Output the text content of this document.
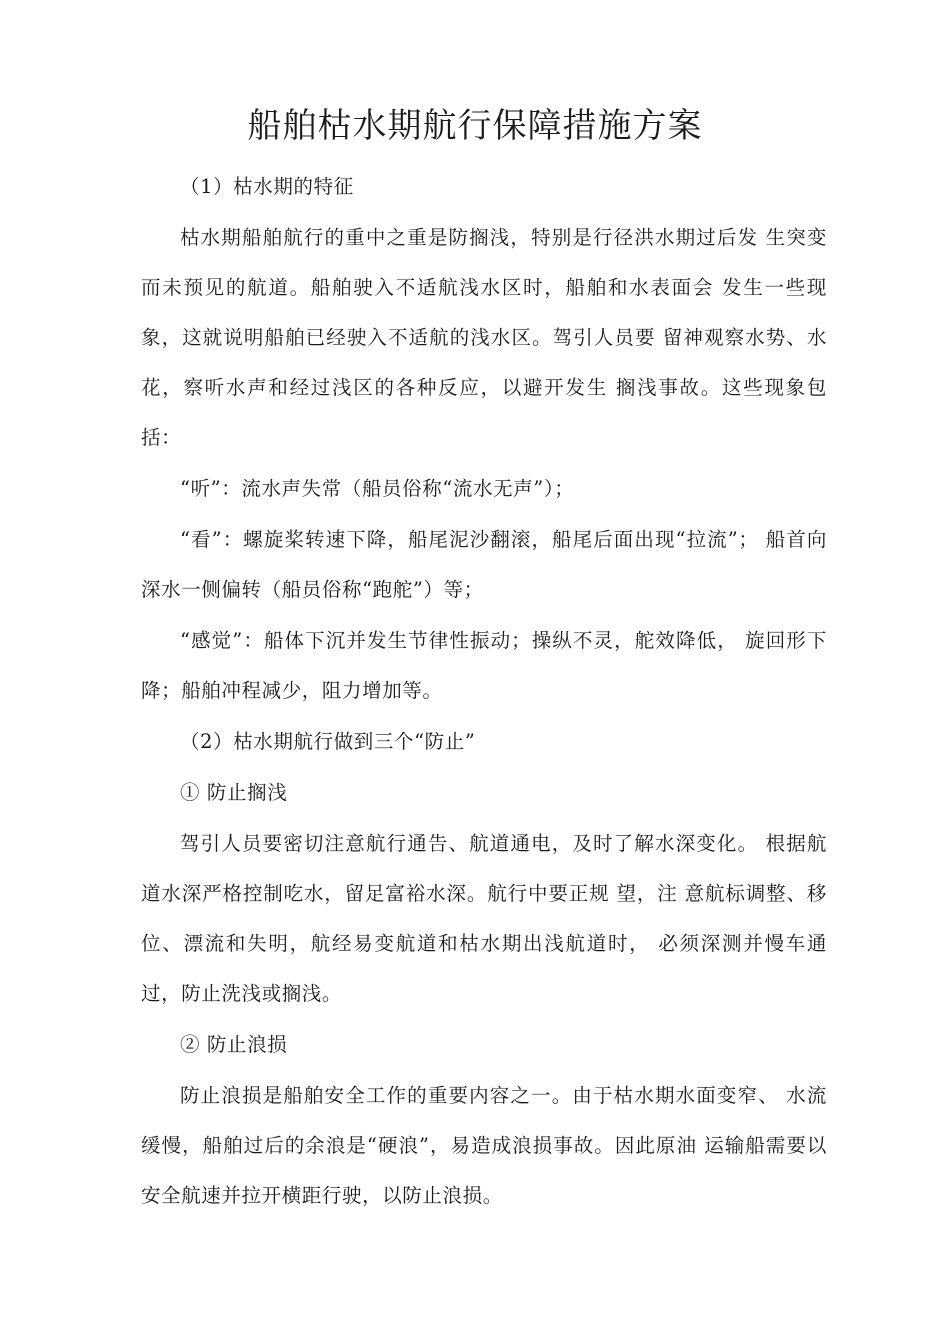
船舶枯水期航行保障措施方案

（1）枯水期的特征

枯水期船舶航行的重中之重是防搁浅，特别是行径洪水期过后发 生突变而未预见的航道。船舶驶入不适航浅水区时，船舶和水表面会 发生一些现象，这就说明船舶已经驶入不适航的浅水区。驾引人员要 留神观察水势、水花，察听水声和经过浅区的各种反应，以避开发生 搁浅事故。这些现象包括：

“听”：流水声失常（船员俗称“流水无声”）；

“看”：螺旋桨转速下降，船尾泥沙翻滚，船尾后面出现“拉流”； 船首向深水一侧偏转（船员俗称“跑舵”）等；

“感觉”：船体下沉并发生节律性振动；操纵不灵，舵效降低， 旋回形下降；船舶冲程减少，阻力增加等。

（2）枯水期航行做到三个“防止”

① 防止搁浅

驾引人员要密切注意航行通告、航道通电，及时了解水深变化。 根据航道水深严格控制吃水，留足富裕水深。航行中要正规 望，注 意航标调整、移位、漂流和失明，航经易变航道和枯水期出浅航道时， 必须深测并慢车通过，防止洗浅或搁浅。

② 防止浪损

防止浪损是船舶安全工作的重要内容之一。由于枯水期水面变窄、 水流缓慢，船舶过后的余浪是“硬浪”，易造成浪损事故。因此原油 运输船需要以安全航速并拉开横距行驶，以防止浪损。
